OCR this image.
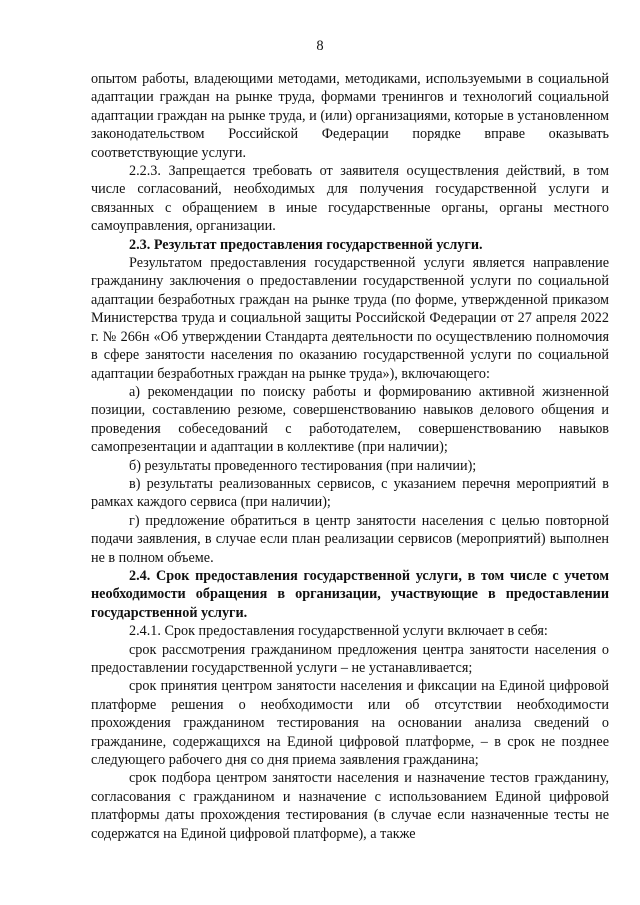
8

опытом работы, владеющими методами, методиками, используемыми в социальной адаптации граждан на рынке труда, формами тренингов и технологий социальной адаптации граждан на рынке труда, и (или) организациями, которые в установленном законодательством Российской Федерации порядке вправе оказывать соответствующие услуги.

2.2.3. Запрещается требовать от заявителя осуществления действий, в том числе согласований, необходимых для получения государственной услуги и связанных с обращением в иные государственные органы, органы местного самоуправления, организации.

2.3. Результат предоставления государственной услуги.

Результатом предоставления государственной услуги является направление гражданину заключения о предоставлении государственной услуги по социальной адаптации безработных граждан на рынке труда (по форме, утвержденной приказом Министерства труда и социальной защиты Российской Федерации от 27 апреля 2022 г. № 266н «Об утверждении Стандарта деятельности по осуществлению полномочия в сфере занятости населения по оказанию государственной услуги по социальной адаптации безработных граждан на рынке труда»), включающего:

а) рекомендации по поиску работы и формированию активной жизненной позиции, составлению резюме, совершенствованию навыков делового общения и проведения собеседований с работодателем, совершенствованию навыков самопрезентации и адаптации в коллективе (при наличии);

б) результаты проведенного тестирования (при наличии);

в) результаты реализованных сервисов, с указанием перечня мероприятий в рамках каждого сервиса (при наличии);

г) предложение обратиться в центр занятости населения с целью повторной подачи заявления, в случае если план реализации сервисов (мероприятий) выполнен не в полном объеме.

2.4. Срок предоставления государственной услуги, в том числе с учетом необходимости обращения в организации, участвующие в предоставлении государственной услуги.

2.4.1. Срок предоставления государственной услуги включает в себя:

срок рассмотрения гражданином предложения центра занятости населения о предоставлении государственной услуги – не устанавливается;

срок принятия центром занятости населения и фиксации на Единой цифровой платформе решения о необходимости или об отсутствии необходимости прохождения гражданином тестирования на основании анализа сведений о гражданине, содержащихся на Единой цифровой платформе, – в срок не позднее следующего рабочего дня со дня приема заявления гражданина;

срок подбора центром занятости населения и назначение тестов гражданину, согласования с гражданином и назначение с использованием Единой цифровой платформы даты прохождения тестирования (в случае если назначенные тесты не содержатся на Единой цифровой платформе), а также
